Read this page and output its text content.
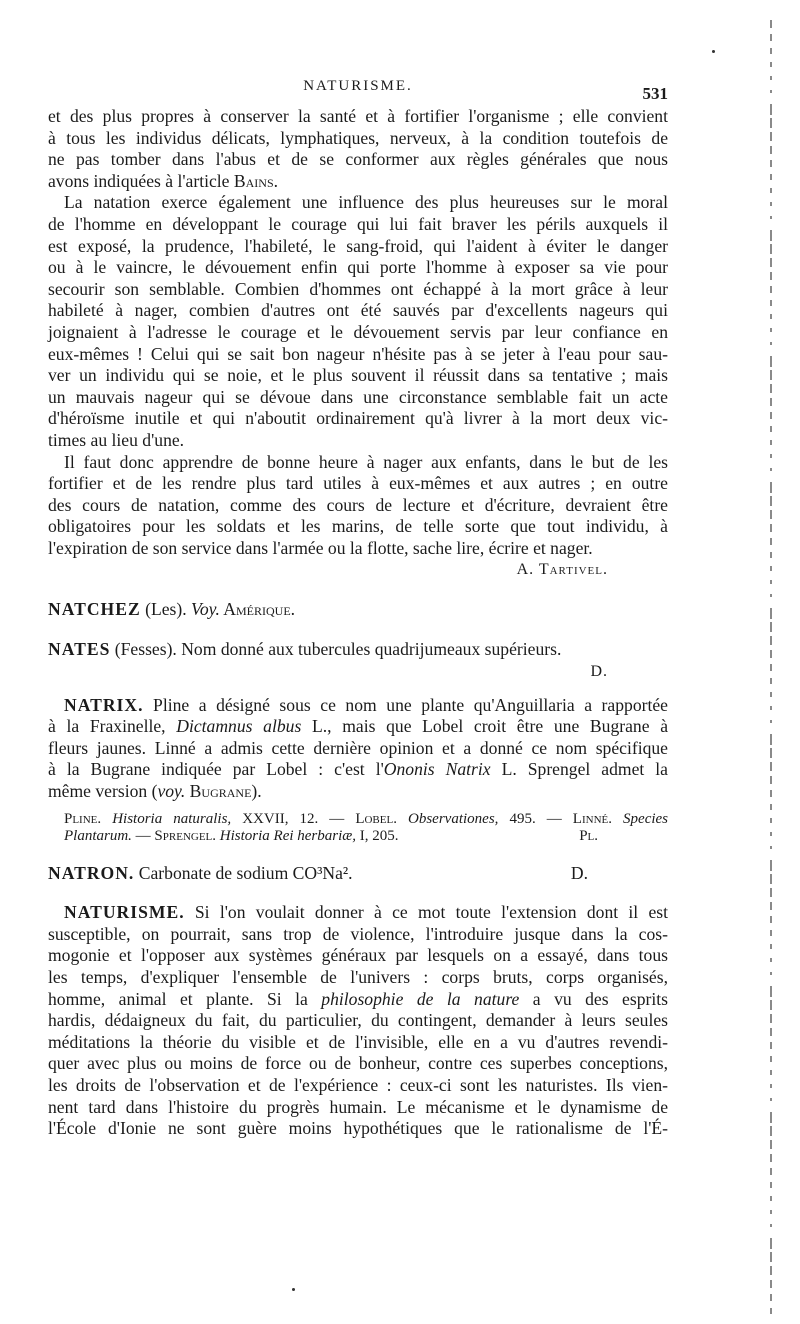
NATURISME.	531
et des plus propres à conserver la santé et à fortifier l'organisme ; elle convient
à tous les individus délicats, lymphatiques, nerveux, à la condition toutefois de
ne pas tomber dans l'abus et de se conformer aux règles générales que nous
avons indiquées à l'article Bains.
La natation exerce également une influence des plus heureuses sur le moral
de l'homme en développant le courage qui lui fait braver les périls auxquels il
est exposé, la prudence, l'habileté, le sang-froid, qui l'aident à éviter le danger
ou à le vaincre, le dévouement enfin qui porte l'homme à exposer sa vie pour
secourir son semblable. Combien d'hommes ont échappé à la mort grâce à leur
habileté à nager, combien d'autres ont été sauvés par d'excellents nageurs qui
joignaient à l'adresse le courage et le dévouement servis par leur confiance en
eux-mêmes ! Celui qui se sait bon nageur n'hésite pas à se jeter à l'eau pour sau-
ver un individu qui se noie, et le plus souvent il réussit dans sa tentative ; mais
un mauvais nageur qui se dévoue dans une circonstance semblable fait un acte
d'héroïsme inutile et qui n'aboutit ordinairement qu'à livrer à la mort deux vic-
times au lieu d'une.
Il faut donc apprendre de bonne heure à nager aux enfants, dans le but de les
fortifier et de les rendre plus tard utiles à eux-mêmes et aux autres ; en outre
des cours de natation, comme des cours de lecture et d'écriture, devraient être
obligatoires pour les soldats et les marins, de telle sorte que tout individu, à
l'expiration de son service dans l'armée ou la flotte, sache lire, écrire et nager.
A. Tartivel.
NATCHEZ (Les). Voy. Amérique.
NATES (Fesses). Nom donné aux tubercules quadrijumeaux supérieurs.
D.
NATRIX. Pline a désigné sous ce nom une plante qu'Anguillaria a rapportée
à la Fraxinelle, Dictamnus albus L., mais que Lobel croit être une Bugrane à
fleurs jaunes. Linné a admis cette dernière opinion et a donné ce nom spécifique
à la Bugrane indiquée par Lobel : c'est l'Ononis Natrix L. Sprengel admet la
même version (voy. Bugrane).
Pline. Historia naturalis, XXVII, 12. — Lobel. Observationes, 495. — Linné. Species
Plantarum. — Sprengel. Historia Rei herbariæ, I, 205.	Pl.
NATRON. Carbonate de sodium CO³Na².	D.
NATURISME. Si l'on voulait donner à ce mot toute l'extension dont il est
susceptible, on pourrait, sans trop de violence, l'introduire jusque dans la cos-
mogonie et l'opposer aux systèmes généraux par lesquels on a essayé, dans tous
les temps, d'expliquer l'ensemble de l'univers : corps bruts, corps organisés,
homme, animal et plante. Si la philosophie de la nature a vu des esprits
hardis, dédaigneux du fait, du particulier, du contingent, demander à leurs seules
méditations la théorie du visible et de l'invisible, elle en a vu d'autres revendi-
quer avec plus ou moins de force ou de bonheur, contre ces superbes conceptions,
les droits de l'observation et de l'expérience : ceux-ci sont les naturistes. Ils vien-
nent tard dans l'histoire du progrès humain. Le mécanisme et le dynamisme de
l'École d'Ionie ne sont guère moins hypothétiques que le rationalisme de l'É-
